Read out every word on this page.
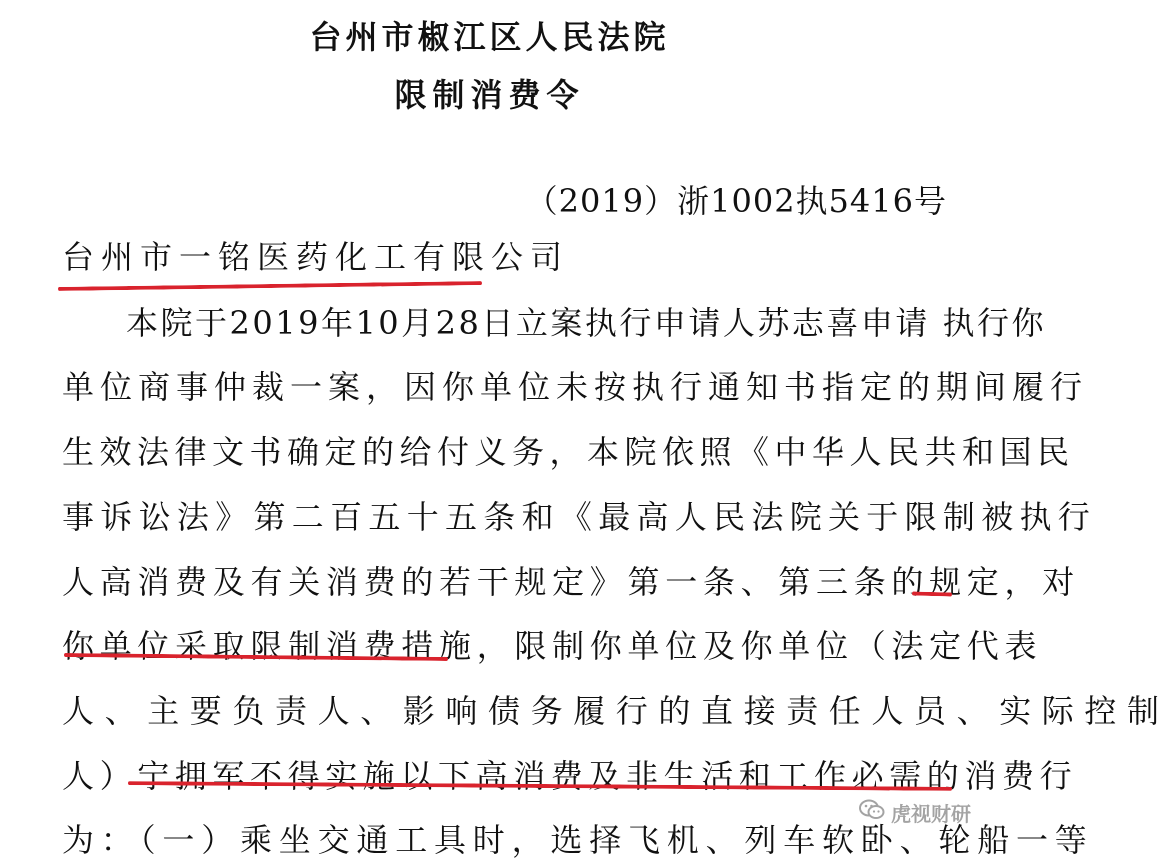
台州市椒江区人民法院
限制消费令
（2019）浙1002执5416号
台州市一铭医药化工有限公司
本院于2019年10月28日立案执行申请人苏志喜申请 执行你
单位商事仲裁一案，因你单位未按执行通知书指定的期间履行
生效法律文书确定的给付义务，本院依照《中华人民共和国民
事诉讼法》第二百五十五条和《最高人民法院关于限制被执行
人高消费及有关消费的若干规定》第一条、第三条的规定，对
你单位采取限制消费措施，限制你单位及你单位（法定代表
人、主要负责人、影响债务履行的直接责任人员、实际控制
人）宁拥军不得实施以下高消费及非生活和工作必需的消费行
为：（一）乘坐交通工具时，选择飞机、列车软卧、轮船一等
虎视财研
